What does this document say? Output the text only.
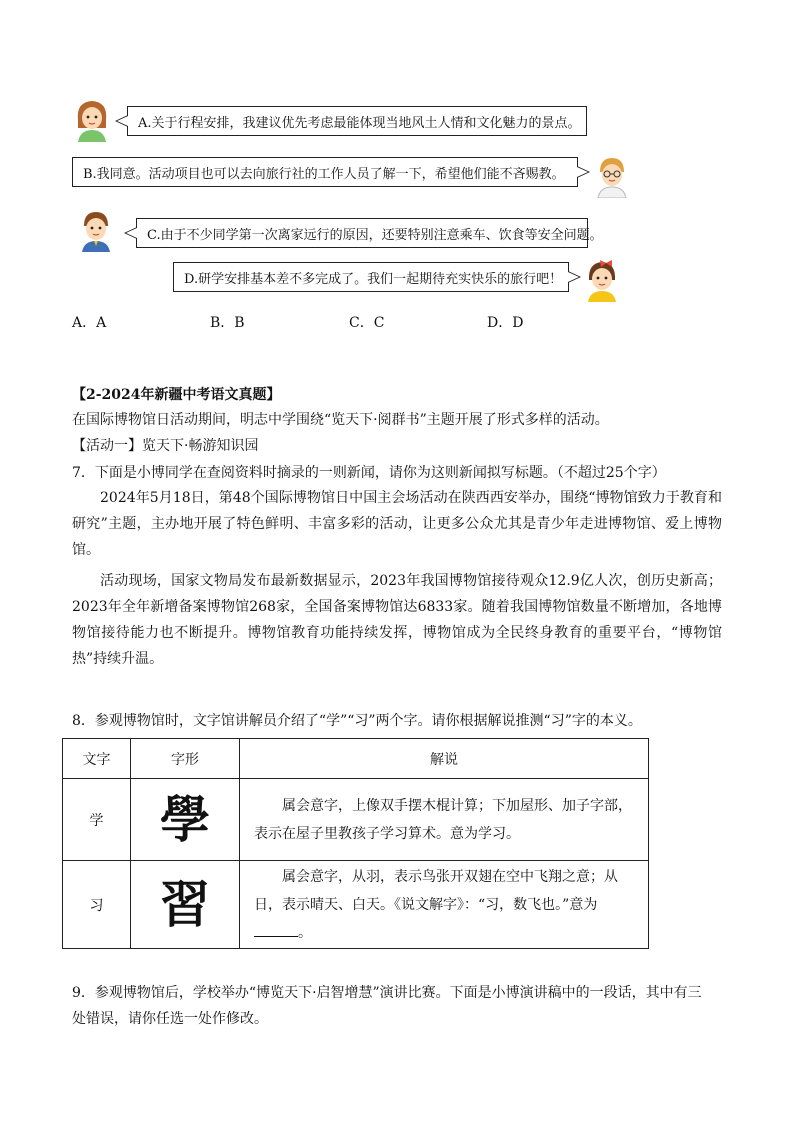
A.关于行程安排，我建议优先考虑最能体现当地风土人情和文化魅力的景点。
B.我同意。活动项目也可以去向旅行社的工作人员了解一下，希望他们能不吝赐教。
C.由于不少同学第一次离家远行的原因，还要特别注意乘车、饮食等安全问题。
D.研学安排基本差不多完成了。我们一起期待充实快乐的旅行吧！
A．A	B．B	C．C	D．D
【2-2024年新疆中考语文真题】
在国际博物馆日活动期间，明志中学围绕“览天下·阅群书”主题开展了形式多样的活动。
【活动一】览天下·畅游知识园
7．下面是小博同学在查阅资料时摘录的一则新闻，请你为这则新闻拟写标题。（不超过25个字）
2024年5月18日，第48个国际博物馆日中国主会场活动在陕西西安举办，围绕“博物馆致力于教育和研究”主题，主办地开展了特色鲜明、丰富多彩的活动，让更多公众尤其是青少年走进博物馆、爱上博物馆。
活动现场，国家文物局发布最新数据显示，2023年我国博物馆接待观众12.9亿人次，创历史新高；2023年全年新增备案博物馆268家，全国备案博物馆达6833家。随着我国博物馆数量不断增加，各地博物馆接待能力也不断提升。博物馆教育功能持续发挥，博物馆成为全民终身教育的重要平台，“博物馆热”持续升温。
8．参观博物馆时，文字馆讲解员介绍了“学”“习”两个字。请你根据解说推测“习”字的本义。
文字	字形	解说
学	學	属会意字，上像双手摆木棍计算；下加屋形、加子字部，表示在屋子里教孩子学习算术。意为学习。
习	習	属会意字，从羽，表示鸟张开双翅在空中飞翔之意；从日，表示晴天、白天。《说文解字》：“习，数飞也。”意为。
9．参观博物馆后，学校举办“博览天下·启智增慧”演讲比赛。下面是小博演讲稿中的一段话，其中有三
处错误，请你任选一处作修改。
